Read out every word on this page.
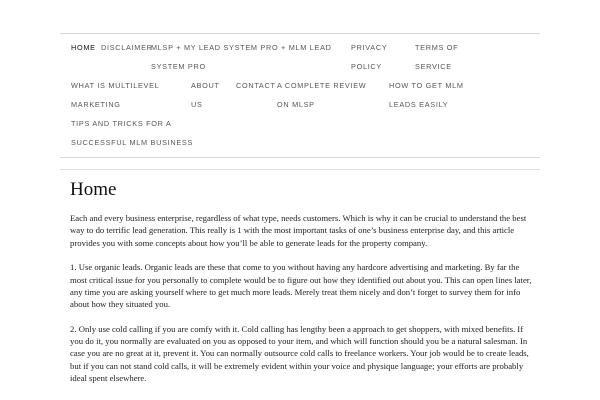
HOME DISCLAIMER
MLSP + MY LEAD SYSTEM PRO + MLM LEAD SYSTEM PRO
PRIVACY POLICY
TERMS OF SERVICE
WHAT IS MULTILEVEL MARKETING
ABOUT US
CONTACT A COMPLETE REVIEW ON MLSP
HOW TO GET MLM LEADS EASILY
TIPS AND TRICKS FOR A SUCCESSFUL MLM BUSINESS
Home

Each and every business enterprise, regardless of what type, needs customers. Which is why it can be crucial to understand the best way to do terrific lead generation. This really is 1 with the most important tasks of one’s business enterprise day, and this article provides you with some concepts about how you’ll be able to generate leads for the property company.

1. Use organic leads. Organic leads are these that come to you without having any hardcore advertising and marketing. By far the most critical issue for you personally to complete would be to figure out how they identified out about you. This can open lines later, any time you are asking yourself where to get much more leads. Merely treat them nicely and don’t forget to survey them for info about how they situated you.

2. Only use cold calling if you are comfy with it. Cold calling has lengthy been a approach to get shoppers, with mixed benefits. If you do it, you normally are evaluated on you as opposed to your item, and which will function should you be a natural salesman. In case you are no great at it, prevent it. You can normally outsource cold calls to freelance workers. Your job would be to create leads, but if you can not stand cold calls, it will be extremely evident within your voice and physique language; your efforts are probably ideal spent elsewhere.
